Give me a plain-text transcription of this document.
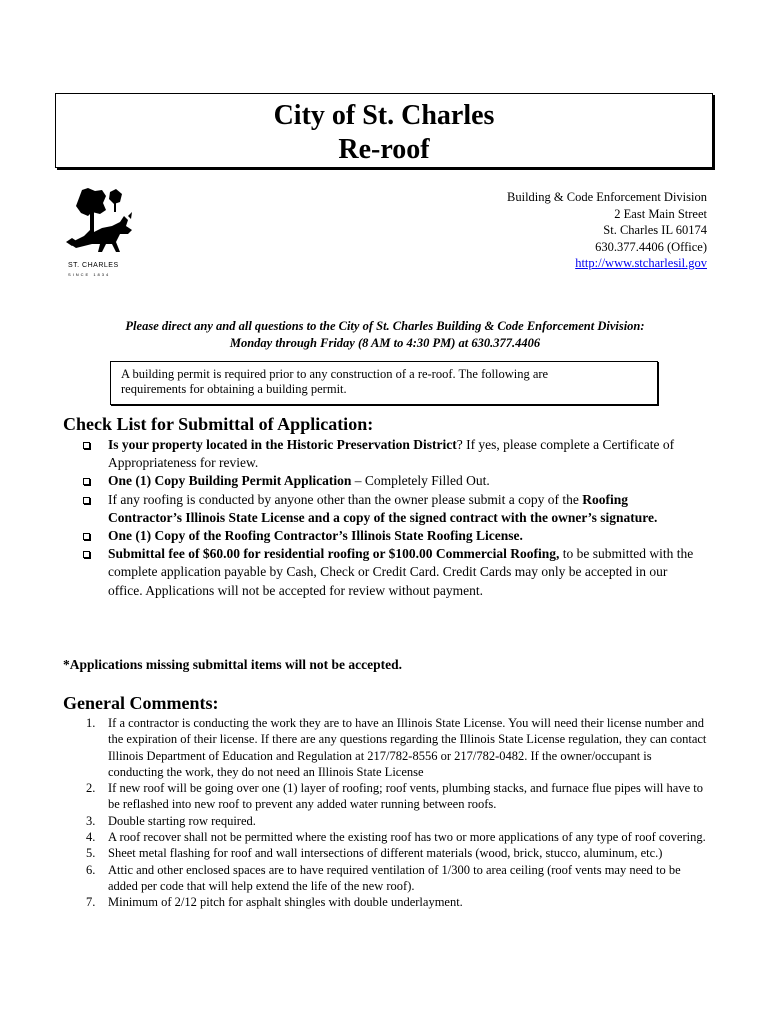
City of St. Charles
Re-roof
ST. CHARLES
SINCE 1834
Building & Code Enforcement Division
2 East Main Street
St. Charles IL 60174
630.377.4406 (Office)
http://www.stcharlesil.gov
Please direct any and all questions to the City of St. Charles Building & Code Enforcement Division:
Monday through Friday (8 AM to 4:30 PM) at 630.377.4406
A building permit is required prior to any construction of a re-roof. The following are
requirements for obtaining a building permit.
Check List for Submittal of Application:
Is your property located in the Historic Preservation District? If yes, please complete a Certificate of Appropriateness for review.
One (1) Copy Building Permit Application – Completely Filled Out.
If any roofing is conducted by anyone other than the owner please submit a copy of the Roofing Contractor’s Illinois State License and a copy of the signed contract with the owner’s signature.
One (1) Copy of the Roofing Contractor’s Illinois State Roofing License.
Submittal fee of $60.00 for residential roofing or $100.00 Commercial Roofing, to be submitted with the complete application payable by Cash, Check or Credit Card. Credit Cards may only be accepted in our office. Applications will not be accepted for review without payment.
*Applications missing submittal items will not be accepted.
General Comments:
1. If a contractor is conducting the work they are to have an Illinois State License. You will need their license number and the expiration of their license. If there are any questions regarding the Illinois State License regulation, they can contact Illinois Department of Education and Regulation at 217/782-8556 or 217/782-0482. If the owner/occupant is conducting the work, they do not need an Illinois State License
2. If new roof will be going over one (1) layer of roofing; roof vents, plumbing stacks, and furnace flue pipes will have to be reflashed into new roof to prevent any added water running between roofs.
3. Double starting row required.
4. A roof recover shall not be permitted where the existing roof has two or more applications of any type of roof covering.
5. Sheet metal flashing for roof and wall intersections of different materials (wood, brick, stucco, aluminum, etc.)
6. Attic and other enclosed spaces are to have required ventilation of 1/300 to area ceiling (roof vents may need to be added per code that will help extend the life of the new roof).
7. Minimum of 2/12 pitch for asphalt shingles with double underlayment.
